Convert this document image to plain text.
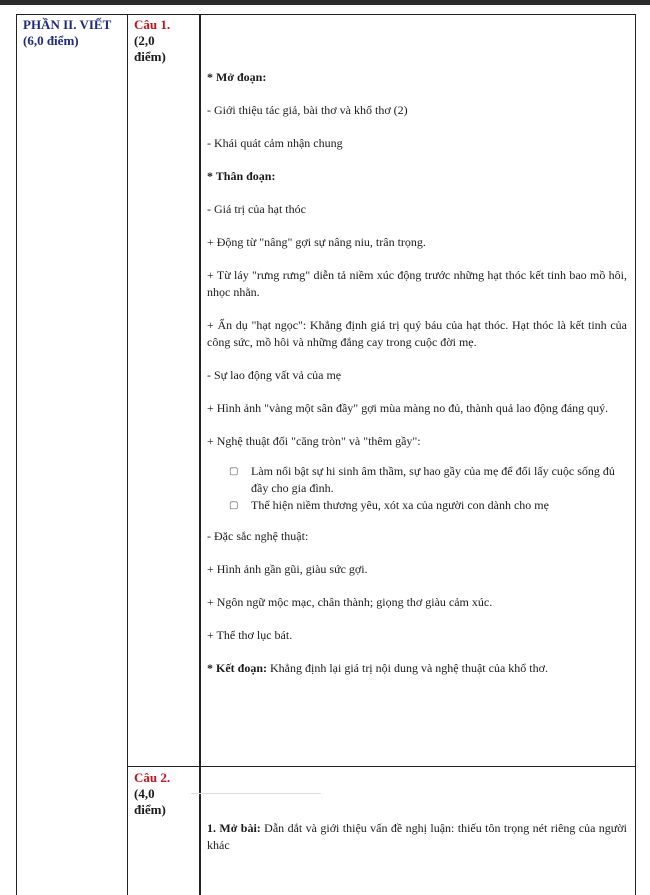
PHẦN II. VIẾT
(6,0 điểm)
Câu 1.
(2,0
điểm)
Câu 2.
(4,0
điểm)

* Mở đoạn:

- Giới thiệu tác giả, bài thơ và khổ thơ (2)

- Khái quát cảm nhận chung

* Thân đoạn:

- Giá trị của hạt thóc

+ Động từ "nâng" gợi sự nâng niu, trân trọng.

+ Từ láy "rưng rưng" diễn tả niềm xúc động trước những hạt thóc kết tinh bao mồ hôi, nhọc nhằn.

+ Ẩn dụ "hạt ngọc": Khẳng định giá trị quý báu của hạt thóc. Hạt thóc là kết tinh của công sức, mồ hôi và những đắng cay trong cuộc đời mẹ.

- Sự lao động vất vả của mẹ

+ Hình ảnh "vàng một sân đầy" gợi mùa màng no đủ, thành quả lao động đáng quý.

+ Nghệ thuật đối "căng tròn" và "thêm gầy":

▢	Làm nổi bật sự hi sinh âm thầm, sự hao gầy của mẹ để đổi lấy cuộc sống đủ đầy cho gia đình.
▢	Thể hiện niềm thương yêu, xót xa của người con dành cho mẹ

- Đặc sắc nghệ thuật:

+ Hình ảnh gần gũi, giàu sức gợi.

+ Ngôn ngữ mộc mạc, chân thành; giọng thơ giàu cảm xúc.

+ Thể thơ lục bát.

* Kết đoạn: Khẳng định lại giá trị nội dung và nghệ thuật của khổ thơ.

1. Mở bài: Dẫn dắt và giới thiệu vấn đề nghị luận: thiếu tôn trọng nét riêng của người khác
